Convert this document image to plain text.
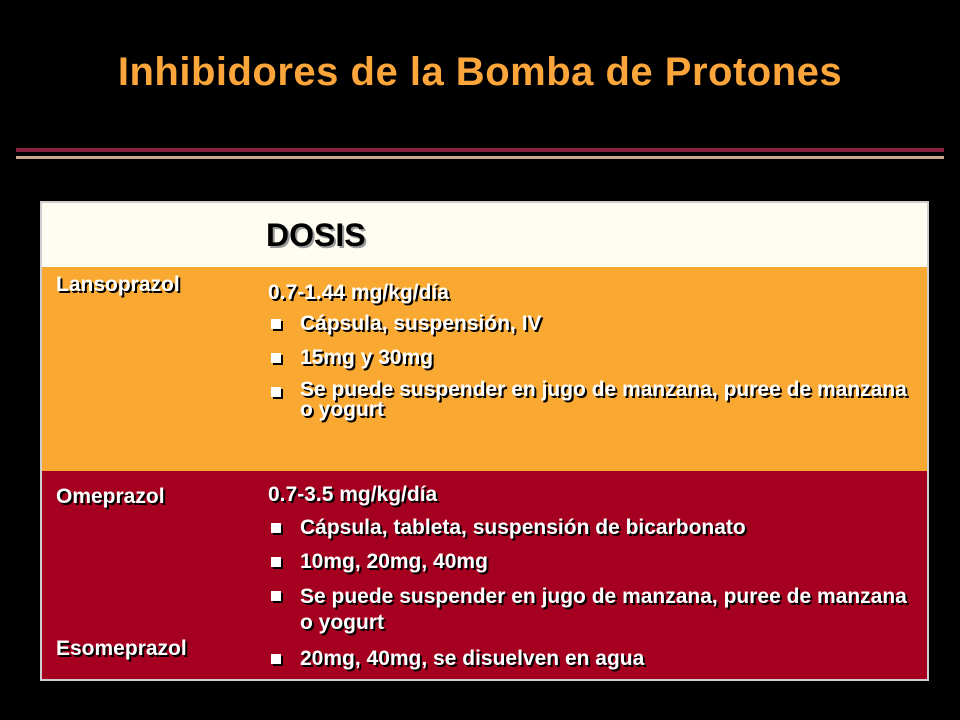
Inhibidores de la Bomba de Protones
DOSIS
Lansoprazol	0.7-1.44 mg/kg/día
Cápsula, suspensión, IV
15mg y 30mg
Se puede suspender en jugo de manzana, puree de manzana o yogurt
Omeprazol
Esomeprazol
0.7-3.5 mg/kg/día
Cápsula, tableta, suspensión de bicarbonato
10mg, 20mg, 40mg
Se puede suspender en jugo de manzana, puree de manzana o yogurt
20mg, 40mg, se disuelven en agua
